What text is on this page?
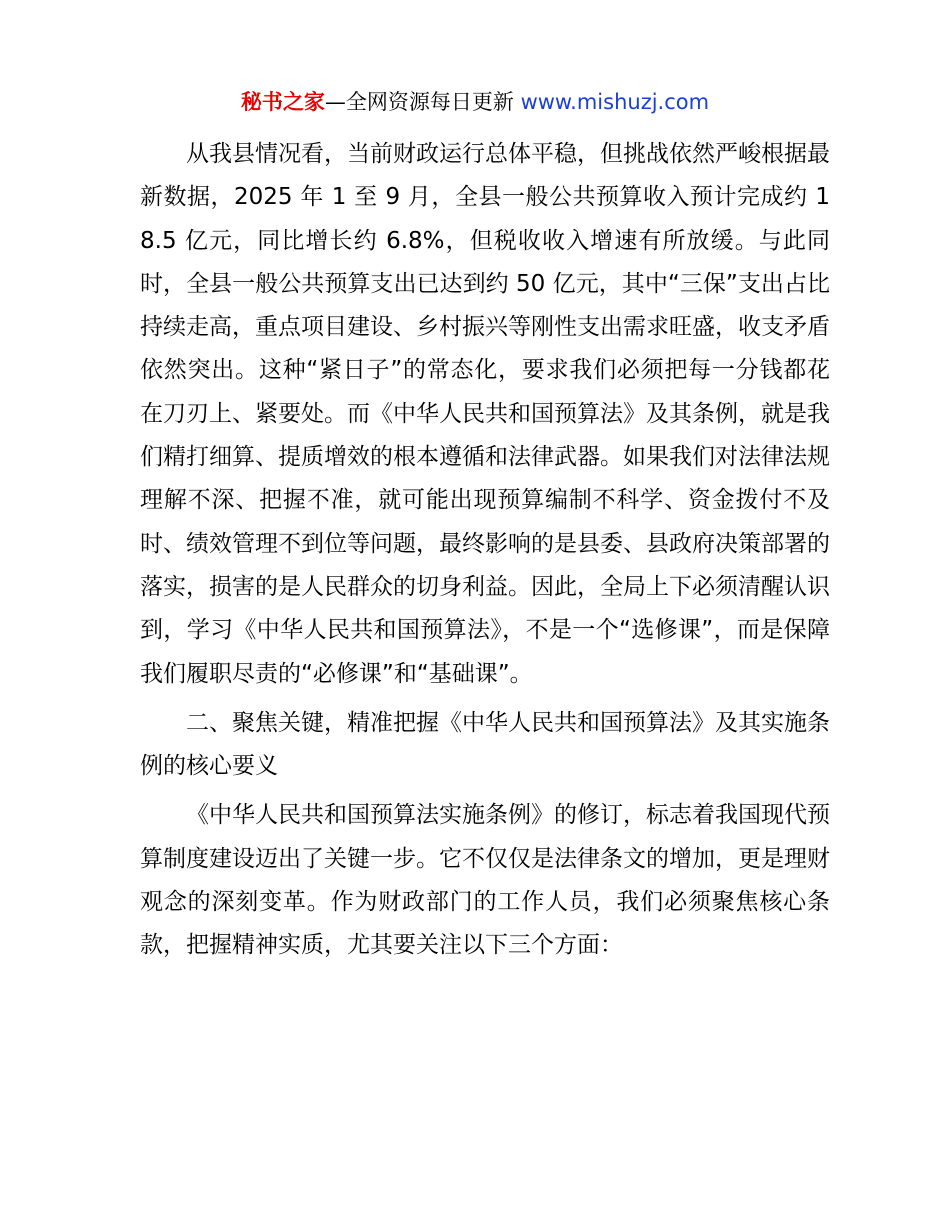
秘书之家—全网资源每日更新 www.mishuzj.com

从我县情况看，当前财政运行总体平稳，但挑战依然严峻根据最新数据，2025 年 1 至 9 月，全县一般公共预算收入预计完成约 18.5 亿元，同比增长约 6.8%，但税收收入增速有所放缓。与此同时，全县一般公共预算支出已达到约 50 亿元，其中“三保”支出占比持续走高，重点项目建设、乡村振兴等刚性支出需求旺盛，收支矛盾依然突出。这种“紧日子”的常态化，要求我们必须把每一分钱都花在刀刃上、紧要处。而《中华人民共和国预算法》及其条例，就是我们精打细算、提质增效的根本遵循和法律武器。如果我们对法律法规理解不深、把握不准，就可能出现预算编制不科学、资金拨付不及时、绩效管理不到位等问题，最终影响的是县委、县政府决策部署的落实，损害的是人民群众的切身利益。因此，全局上下必须清醒认识到，学习《中华人民共和国预算法》，不是一个“选修课”，而是保障我们履职尽责的“必修课”和“基础课”。

二、聚焦关键，精准把握《中华人民共和国预算法》及其实施条例的核心要义

《中华人民共和国预算法实施条例》的修订，标志着我国现代预算制度建设迈出了关键一步。它不仅仅是法律条文的增加，更是理财观念的深刻变革。作为财政部门的工作人员，我们必须聚焦核心条款，把握精神实质，尤其要关注以下三个方面：
